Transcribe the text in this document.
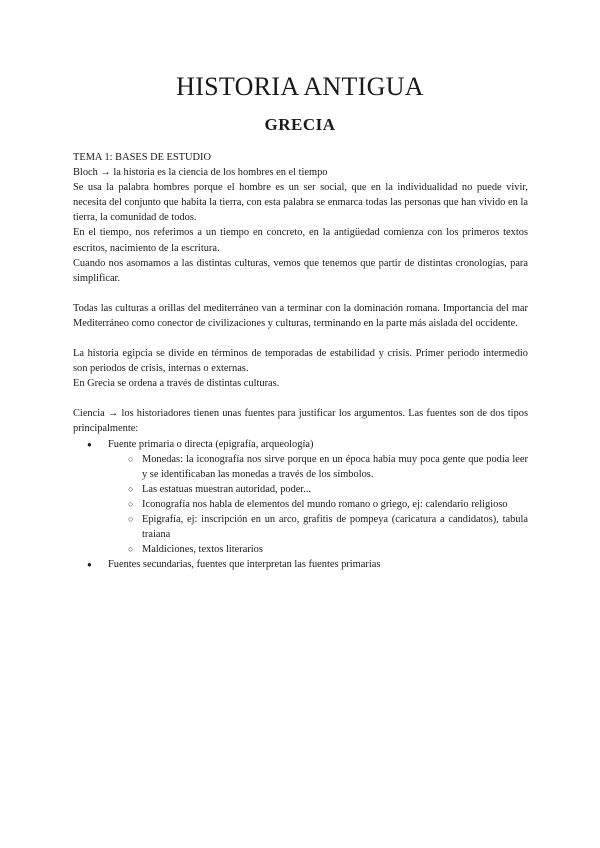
HISTORIA ANTIGUA
GRECIA

TEMA 1: BASES DE ESTUDIO

Bloch → la historia es la ciencia de los hombres en el tiempo

Se usa la palabra hombres porque el hombre es un ser social, que en la individualidad no puede vivir, necesita del conjunto que habita la tierra, con esta palabra se enmarca todas las personas que han vivido en la tierra, la comunidad de todos.

En el tiempo, nos referimos a un tiempo en concreto, en la antigüedad comienza con los primeros textos escritos, nacimiento de la escritura.

Cuando nos asomamos a las distintas culturas, vemos que tenemos que partir de distintas cronologías, para simplificar.

Todas las culturas a orillas del mediterráneo van a terminar con la dominación romana. Importancia del mar Mediterráneo como conector de civilizaciones y culturas, terminando en la parte más aislada del occidente.

La historia egipcia se divide en términos de temporadas de estabilidad y crisis. Primer periodo intermedio son periodos de crisis, internas o externas.

En Grecia se ordena a través de distintas culturas.

Ciencia → los historiadores tienen unas fuentes para justificar los argumentos. Las fuentes son de dos tipos principalmente:

● Fuente primaria o directa (epigrafía, arqueología)
○ Monedas: la iconografía nos sirve porque en un época había muy poca gente que podía leer y se identificaban las monedas a través de los símbolos.
○ Las estatuas muestran autoridad, poder...
○ Iconografía nos habla de elementos del mundo romano o griego, ej: calendario religioso
○ Epigrafía, ej: inscripción en un arco, grafitis de pompeya (caricatura a candidatos), tabula traiana
○ Maldiciones, textos literarios
● Fuentes secundarias, fuentes que interpretan las fuentes primarias
